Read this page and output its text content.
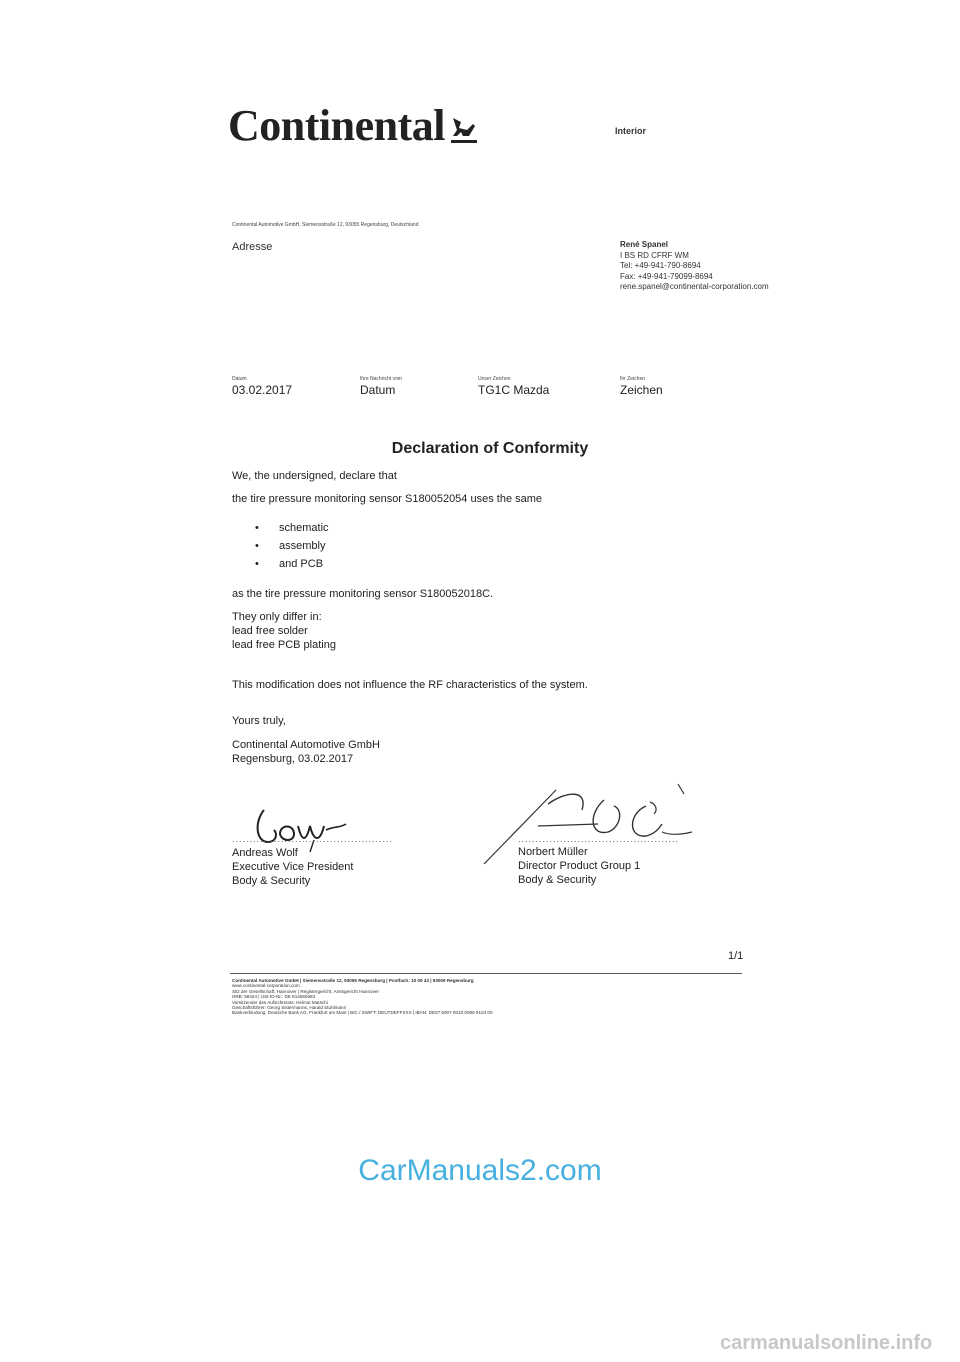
Continental	Interior
Continental Automotive GmbH, Siemensstraße 12, 93055 Regensburg, Deutschland
Adresse	René Spanel
I BS RD CFRF WM
Tel: +49-941-790-8694
Fax: +49-941-79099-8694
rene.spanel@continental-corporation.com
Datum
03.02.2017
Ihre Nachricht vom
Datum
Unser Zeichen
TG1C Mazda
Ihr Zeichen
Zeichen
Declaration of Conformity
We, the undersigned, declare that
the tire pressure monitoring sensor S180052054 uses the same
• schematic
• assembly
• and PCB
as the tire pressure monitoring sensor S180052018C.
They only differ in:
lead free solder
lead free PCB plating
This modification does not influence the RF characteristics of the system.
Yours truly,
Continental Automotive GmbH
Regensburg, 03.02.2017
..............................................	..............................................
Andreas Wolf
Executive Vice President
Body & Security
Norbert Müller
Director Product Group 1
Body & Security
1/1
Continental Automotive GmbH | Siemensstraße 12, 93055 Regensburg | Postfach: 10 09 43 | 93009 Regensburg
www.continental-corporation.com
Sitz der Gesellschaft: Hannover | Registergericht: Amtsgericht Hannover
HRB: 58424 | USt-ID-Nr.: DE 814550683
Vorsitzender des Aufsichtsrats: Helmut Matschi
Geschäftsführer: Georg Sistermanns, Harald Stuhlmann
Bankverbindung: Deutsche Bank AG, Frankfurt am Main | BIC / SWIFT: DEUTDEFFXXX | IBAN: DE07 5007 0010 0096 5103 00
CarManuals2.com
carmanualsonline.info
